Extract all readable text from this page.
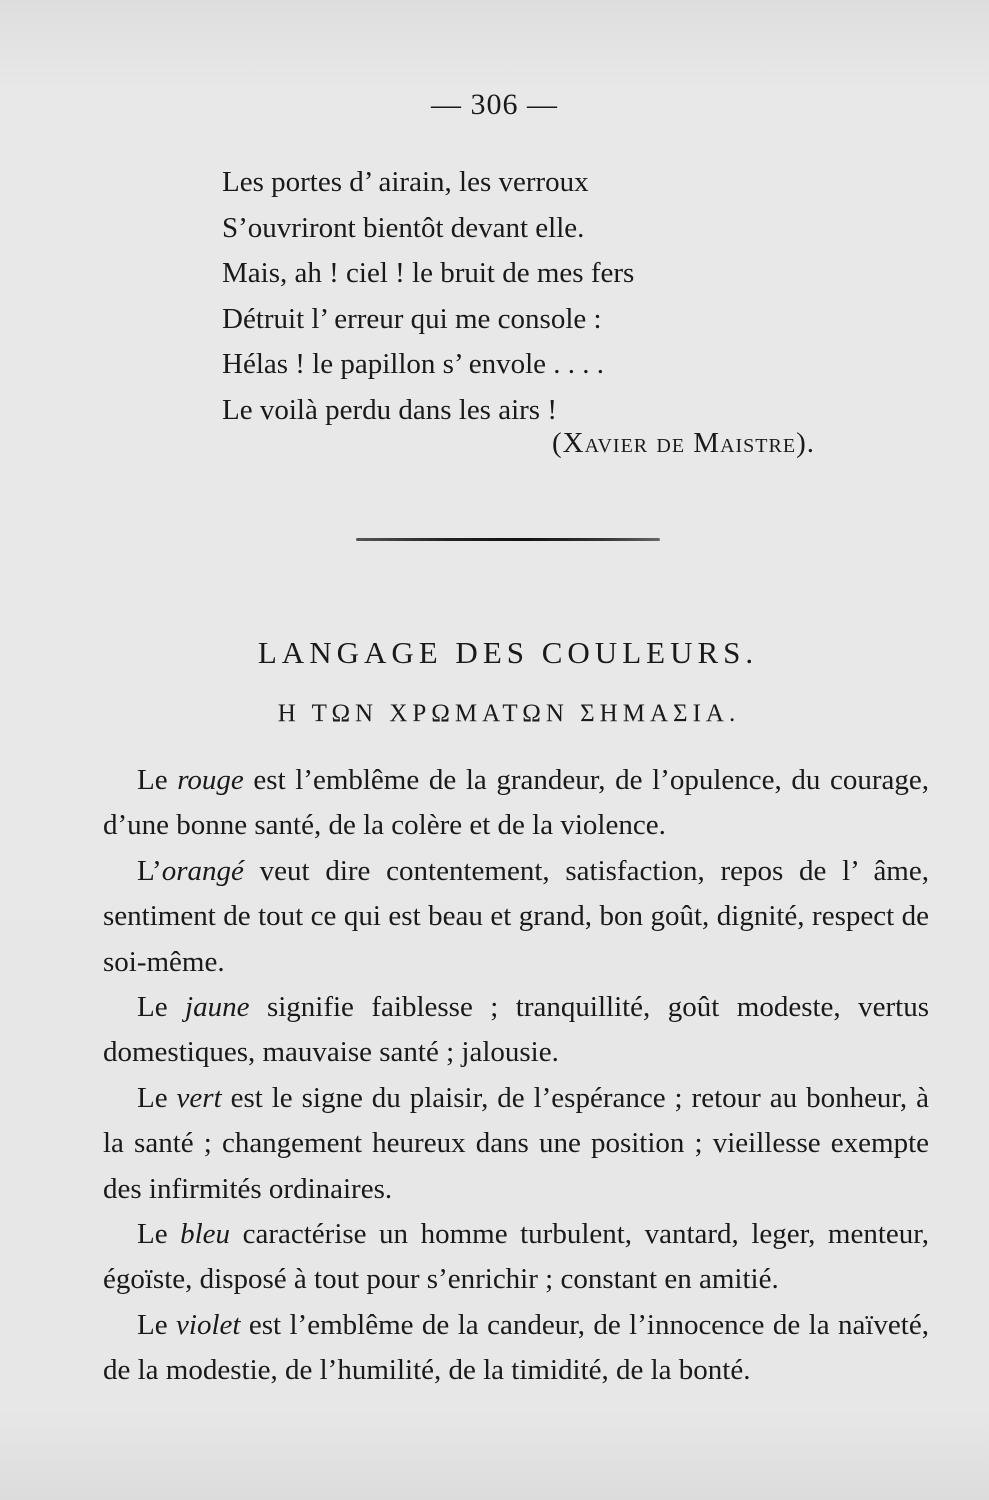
— 306 —
Les portes d’ airain, les verroux
S’ouvriront bientôt devant elle.
Mais, ah ! ciel ! le bruit de mes fers
Détruit l’ erreur qui me console :
Hélas ! le papillon s’ envole . . . .
Le voilà perdu dans les airs !
(Xavier de Maistre).
LANGAGE DES COULEURS.
Η ΤΩΝ ΧΡΩΜΑΤΩΝ ΣΗΜΑΣΙΑ.

Le rouge est l’emblême de la grandeur, de l’opulence, du courage, d’une bonne santé, de la colère et de la violence.

L’orangé veut dire contentement, satisfaction, repos de l’ âme, sentiment de tout ce qui est beau et grand, bon goût, dignité, respect de soi-même.

Le jaune signifie faiblesse ; tranquillité, goût modeste, vertus domestiques, mauvaise santé ; jalousie.

Le vert est le signe du plaisir, de l’espérance ; retour au bonheur, à la santé ; changement heureux dans une position ; vieillesse exempte des infirmités ordinaires.

Le bleu caractérise un homme turbulent, vantard, leger, menteur, égoïste, disposé à tout pour s’enrichir ; constant en amitié.

Le violet est l’emblême de la candeur, de l’innocence de la naïveté, de la modestie, de l’humilité, de la timidité, de la bonté.
